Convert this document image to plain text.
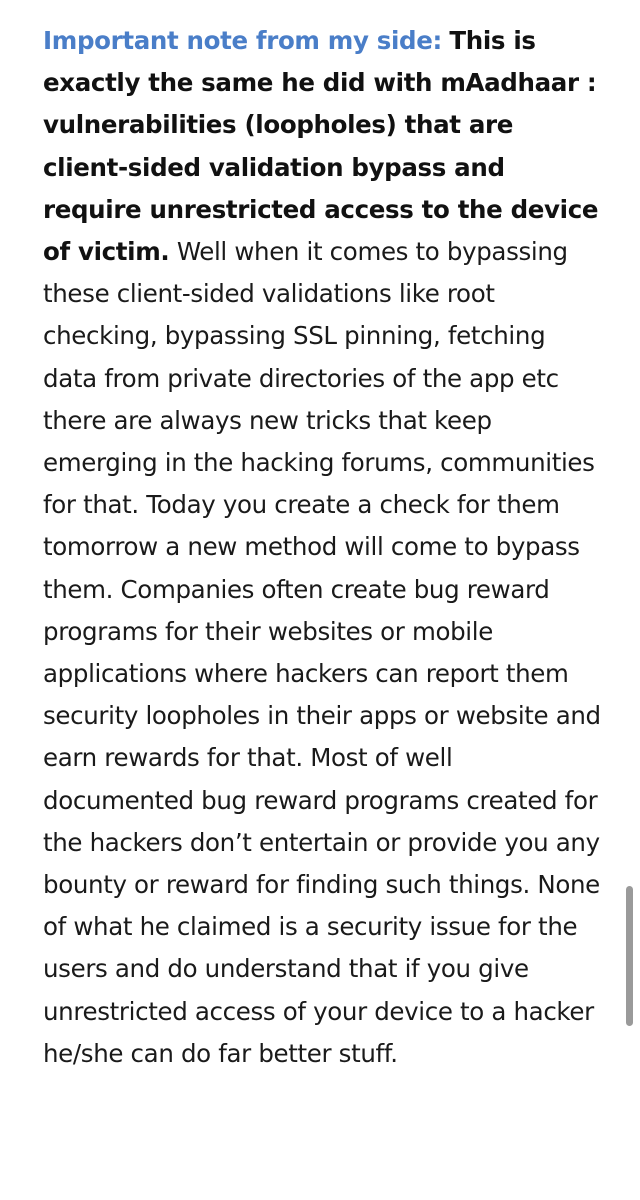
Important note from my side: This is exactly the same he did with mAadhaar : vulnerabilities (loopholes) that are client-sided validation bypass and require unrestricted access to the device of victim. Well when it comes to bypassing these client-sided validations like root checking, bypassing SSL pinning, fetching data from private directories of the app etc there are always new tricks that keep emerging in the hacking forums, communities for that. Today you create a check for them tomorrow a new method will come to bypass them. Companies often create bug reward programs for their websites or mobile applications where hackers can report them security loopholes in their apps or website and earn rewards for that. Most of well documented bug reward programs created for the hackers don’t entertain or provide you any bounty or reward for finding such things. None of what he claimed is a security issue for the users and do understand that if you give unrestricted access of your device to a hacker he/she can do far better stuff.
